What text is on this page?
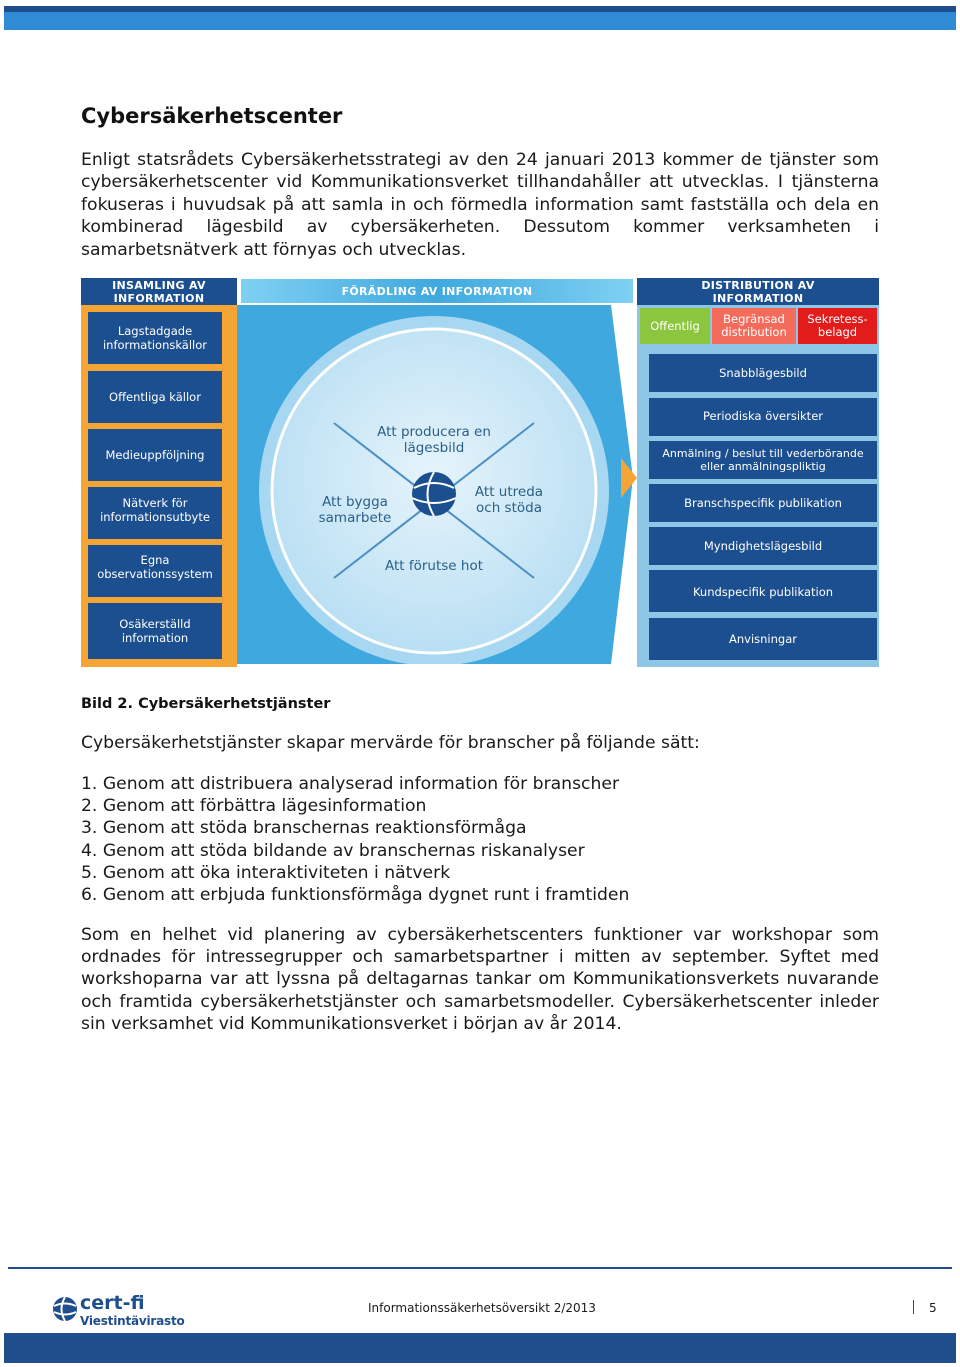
Cybersäkerhetscenter
Enligt statsrådets Cybersäkerhetsstrategi av den 24 januari 2013 kommer de tjänster som cybersäkerhetscenter vid Kommunikationsverket tillhandahåller att utvecklas. I tjänsterna fokuseras i huvudsak på att samla in och förmedla information samt fastställa och dela en kombinerad lägesbild av cybersäkerheten. Dessutom kommer verksamheten i samarbetsnätverk att förnyas och utvecklas.
INSAMLING AV
INFORMATION
FÖRÄDLING AV INFORMATION	DISTRIBUTION AV
INFORMATION
Lagstadgade
informationskällor
Offentliga källor
Medieuppföljning
Nätverk för
informationsutbyte
Egna
observationssystem
Osäkerställd
information
Att producera en
lägesbild
Att bygga
samarbete
Att utreda
och stöda
Att förutse hot
Offentlig	Begränsad
distribution
Sekretess-
belagd
Snabblägesbild
Periodiska översikter
Anmälning / beslut till vederbörande
eller anmälningspliktig
Branschspecifik publikation
Myndighetslägesbild
Kundspecifik publikation
Anvisningar
Bild 2. Cybersäkerhetstjänster
Cybersäkerhetstjänster skapar mervärde för branscher på följande sätt:
1. Genom att distribuera analyserad information för branscher
2. Genom att förbättra lägesinformation
3. Genom att stöda branschernas reaktionsförmåga
4. Genom att stöda bildande av branschernas riskanalyser
5. Genom att öka interaktiviteten i nätverk
6. Genom att erbjuda funktionsförmåga dygnet runt i framtiden
Som en helhet vid planering av cybersäkerhetscenters funktioner var workshopar som ordnades för intressegrupper och samarbetspartner i mitten av september. Syftet med workshoparna var att lyssna på deltagarnas tankar om Kommunikationsverkets nuvarande och framtida cybersäkerhetstjänster och samarbetsmodeller. Cybersäkerhetscenter inleder sin verksamhet vid Kommunikationsverket i början av år 2014.
cert-fi
Viestintävirasto
Informationssäkerhetsöversikt 2/2013	5
